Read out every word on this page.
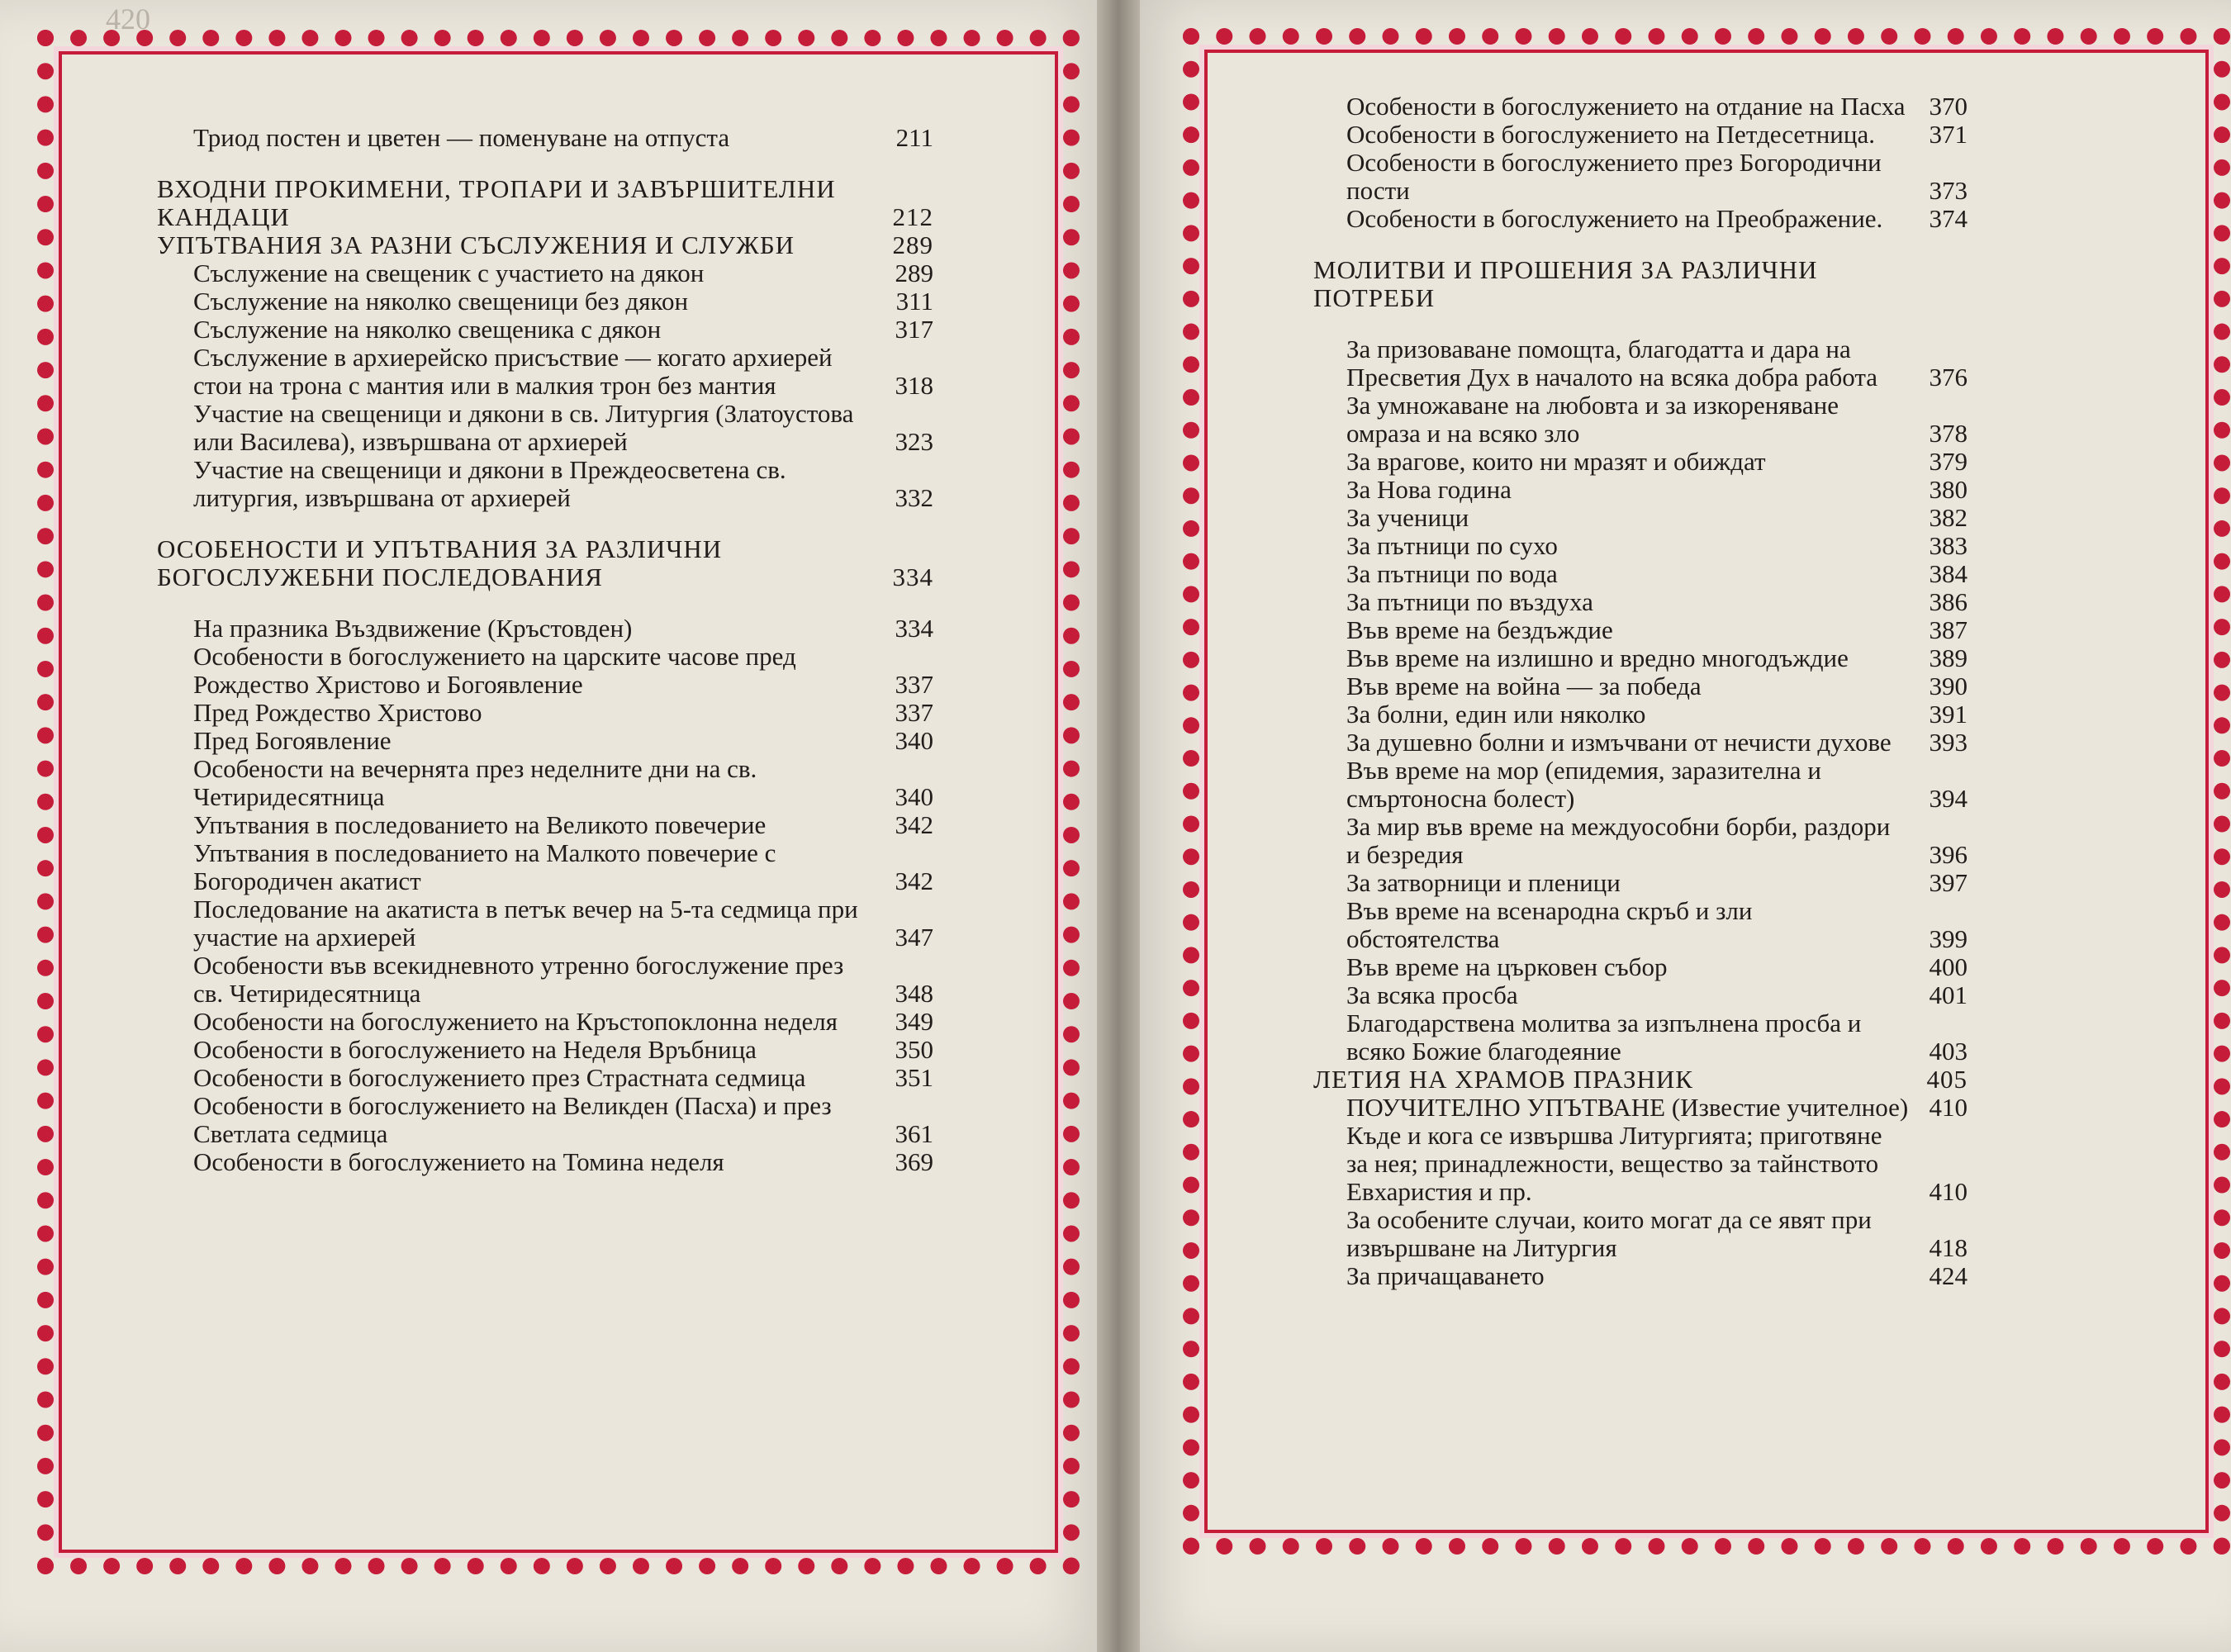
420
Триод постен и цветен — поменуване на отпуста	211
ВХОДНИ ПРОКИМЕНИ, ТРОПАРИ И ЗАВЪРШИТЕЛНИ КАНДАЦИ	212
УПЪТВАНИЯ ЗА РАЗНИ СЪСЛУЖЕНИЯ И СЛУЖБИ	289
Съслужение на свещеник с участието на дякон	289
Съслужение на няколко свещеници без дякон	311
Съслужение на няколко свещеника с дякон	317
Съслужение в архиерейско присъствие — когато архиерей стои на трона с мантия или в малкия трон без мантия	318
Участие на свещеници и дякони в св. Литургия (Златоустова или Василева), извършвана от архиерей	323
Участие на свещеници и дякони в Преждеосветена св. литургия, извършвана от архиерей	332
ОСОБЕНОСТИ И УПЪТВАНИЯ ЗА РАЗЛИЧНИ БОГОСЛУЖЕБНИ ПОСЛЕДОВАНИЯ	334
На празника Въздвижение (Кръстовден)	334
Особености в богослужението на царските часове пред Рождество Христово и Богоявление	337
Пред Рождество Христово	337
Пред Богоявление	340
Особености на вечернята през неделните дни на св. Четиридесятница	340
Упътвания в последованието на Великото повечерие	342
Упътвания в последованието на Малкото повечерие с Богородичен акатист	342
Последование на акатиста в петък вечер на 5-та седмица при участие на архиерей	347
Особености във всекидневното утренно богослужение през св. Четиридесятница	348
Особености на богослужението на Кръстопоклонна неделя	349
Особености в богослужението на Неделя Връбница	350
Особености в богослужението през Страстната седмица	351
Особености в богослужението на Великден (Пасха) и през Светлата седмица	361
Особености в богослужението на Томина неделя	369
Особености в богослужението на отдание на Пасха 370
Особености в богослужението на Петдесетница.	371
Особености в богослужението през Богородични пости	373
Особености в богослужението на Преображение.	374
МОЛИТВИ И ПРОШЕНИЯ ЗА РАЗЛИЧНИ ПОТРЕБИ
За призоваване помощта, благодатта и дара на Пресветия Дух в началото на всяка добра работа	376
За умножаване на любовта и за изкореняване омраза и на всяко зло	378
За врагове, които ни мразят и обиждат	379
За Нова година	380
За ученици	382
За пътници по сухо	383
За пътници по вода	384
За пътници по въздуха	386
Във време на бездъждие	387
Във време на излишно и вредно многодъждие	389
Във време на война — за победа	390
За болни, един или няколко	391
За душевно болни и измъчвани от нечисти духове	393
Във време на мор (епидемия, заразителна и смъртоносна болест)	394
За мир във време на междуособни борби, раздори и безредия	396
За затворници и пленици	397
Във време на всенародна скръб и зли обстоятелства	399
Във време на църковен събор	400
За всяка просба	401
Благодарствена молитва за изпълнена просба и всяко Божие благодеяние	403
ЛЕТИЯ НА ХРАМОВ ПРАЗНИК	405
ПОУЧИТЕЛНО УПЪТВАНЕ (Известие учителное) 410
Къде и кога се извършва Литургията; приготвяне за нея; принадлежности, вещество за тайнството Евхаристия и пр.	410
За особените случаи, които могат да се явят при извършване на Литургия	418
За причащаването	424
